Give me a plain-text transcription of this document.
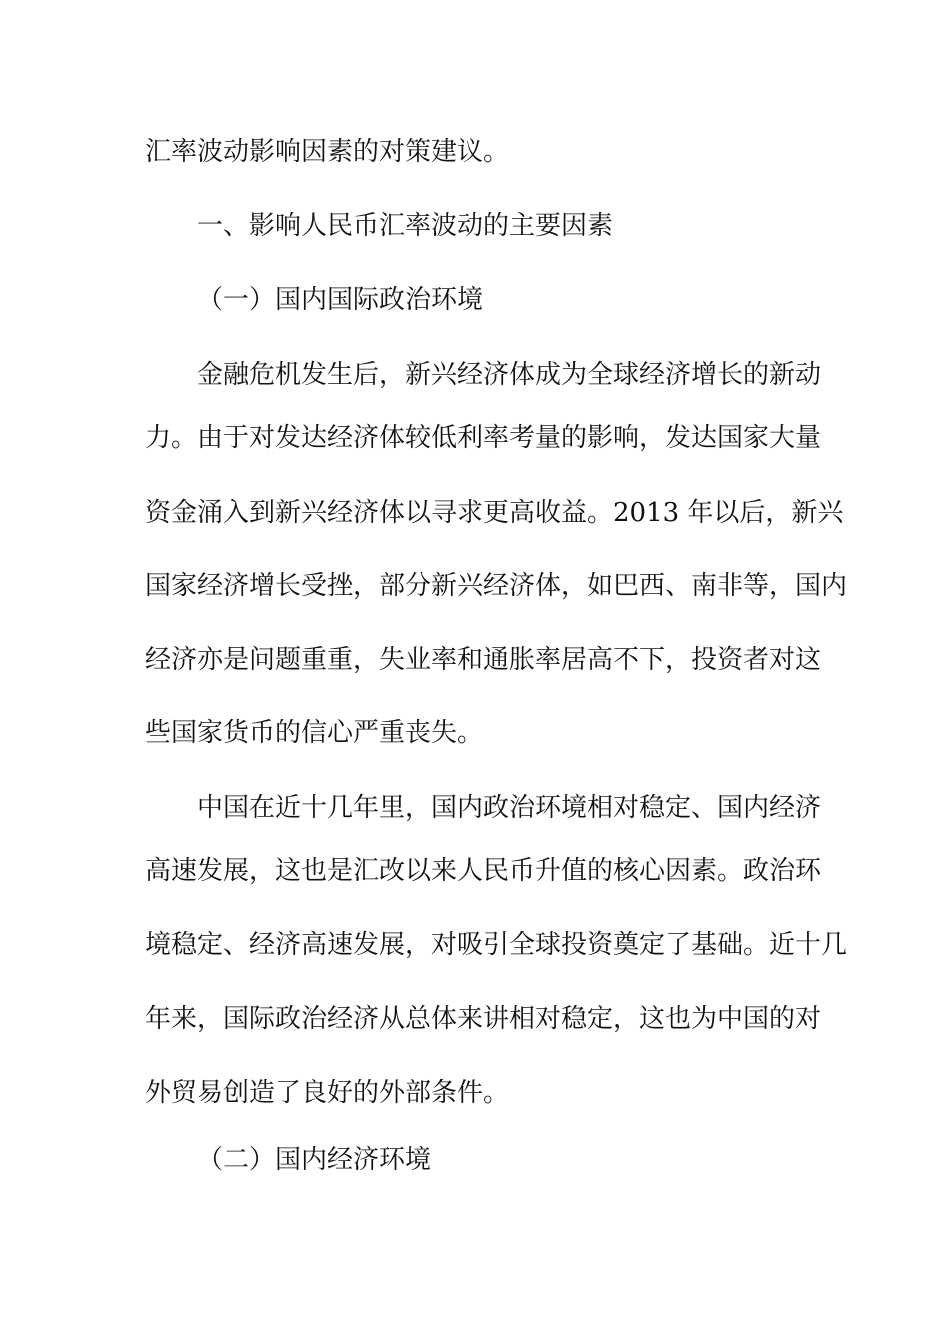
汇率波动影响因素的对策建议。
一、影响人民币汇率波动的主要因素
（一）国内国际政治环境
金融危机发生后，新兴经济体成为全球经济增长的新动
力。由于对发达经济体较低利率考量的影响，发达国家大量
资金涌入到新兴经济体以寻求更高收益。2013 年以后，新兴
国家经济增长受挫，部分新兴经济体，如巴西、南非等，国内
经济亦是问题重重，失业率和通胀率居高不下，投资者对这
些国家货币的信心严重丧失。
中国在近十几年里，国内政治环境相对稳定、国内经济
高速发展，这也是汇改以来人民币升值的核心因素。政治环
境稳定、经济高速发展，对吸引全球投资奠定了基础。近十几
年来，国际政治经济从总体来讲相对稳定，这也为中国的对
外贸易创造了良好的外部条件。
（二）国内经济环境
